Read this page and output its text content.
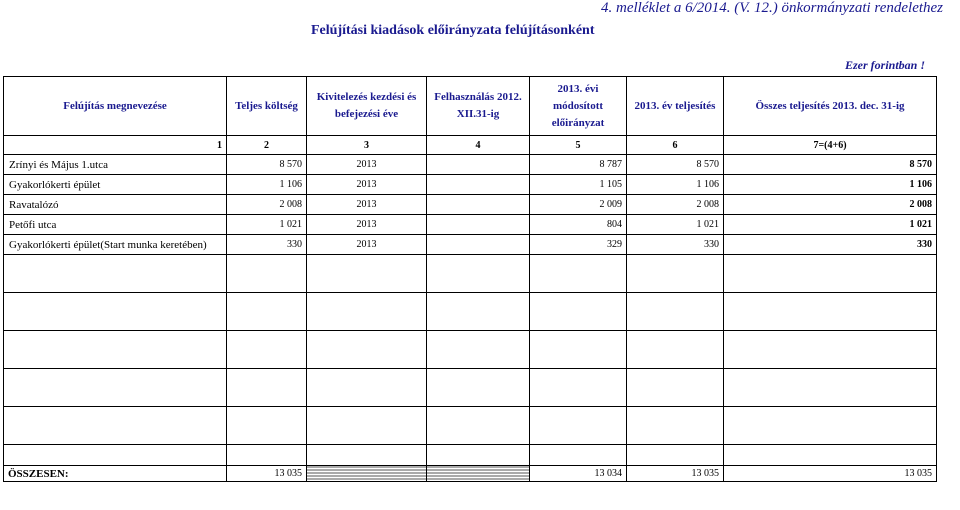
4. melléklet a 6/2014. (V. 12.) önkormányzati rendelethez
Felújítási kiadások előirányzata felújításonként
Ezer forintban !
Felújítás megnevezése	Teljes költség	Kivitelezés kezdési és befejezési éve	Felhasználás 2012. XII.31-ig	2013. évi módosított előirányzat	2013. év teljesítés	Összes teljesítés 2013. dec. 31-ig
1	2	3	4	5	6	7=(4+6)
Zrínyi és Május 1.utca	8 570	2013		8 787	8 570	8 570
Gyakorlókerti épület	1 106	2013		1 105	1 106	1 106
Ravatalózó	2 008	2013		2 009	2 008	2 008
Petőfi utca	1 021	2013		804	1 021	1 021
Gyakorlókerti épület(Start munka keretében)	330	2013		329	330	330

ÖSSZESEN:	13 035			13 034	13 035	13 035
